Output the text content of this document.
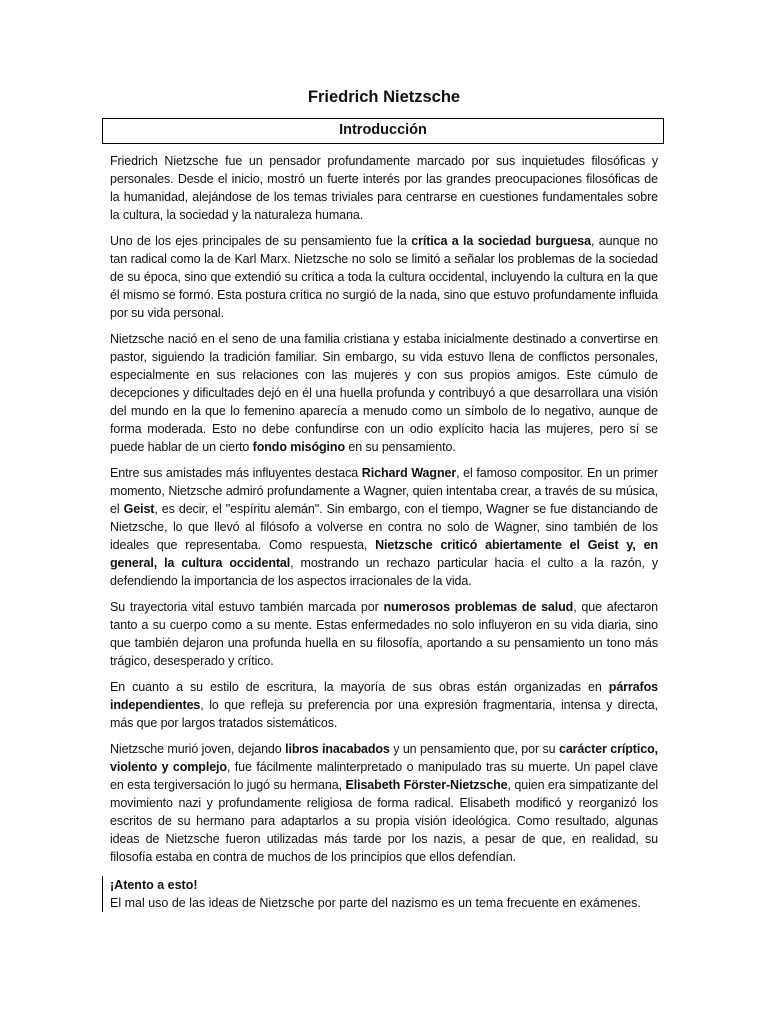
Friedrich Nietzsche
Introducción

Friedrich Nietzsche fue un pensador profundamente marcado por sus inquietudes filosóficas y personales. Desde el inicio, mostró un fuerte interés por las grandes preocupaciones filosóficas de la humanidad, alejándose de los temas triviales para centrarse en cuestiones fundamentales sobre la cultura, la sociedad y la naturaleza humana.

Uno de los ejes principales de su pensamiento fue la crítica a la sociedad burguesa, aunque no tan radical como la de Karl Marx. Nietzsche no solo se limitó a señalar los problemas de la sociedad de su época, sino que extendió su crítica a toda la cultura occidental, incluyendo la cultura en la que él mismo se formó. Esta postura crítica no surgió de la nada, sino que estuvo profundamente influida por su vida personal.

Nietzsche nació en el seno de una familia cristiana y estaba inicialmente destinado a convertirse en pastor, siguiendo la tradición familiar. Sin embargo, su vida estuvo llena de conflictos personales, especialmente en sus relaciones con las mujeres y con sus propios amigos. Este cúmulo de decepciones y dificultades dejó en él una huella profunda y contribuyó a que desarrollara una visión del mundo en la que lo femenino aparecía a menudo como un símbolo de lo negativo, aunque de forma moderada. Esto no debe confundirse con un odio explícito hacia las mujeres, pero sí se puede hablar de un cierto fondo misógino en su pensamiento.

Entre sus amistades más influyentes destaca Richard Wagner, el famoso compositor. En un primer momento, Nietzsche admiró profundamente a Wagner, quien intentaba crear, a través de su música, el Geist, es decir, el "espíritu alemán". Sin embargo, con el tiempo, Wagner se fue distanciando de Nietzsche, lo que llevó al filósofo a volverse en contra no solo de Wagner, sino también de los ideales que representaba. Como respuesta, Nietzsche criticó abiertamente el Geist y, en general, la cultura occidental, mostrando un rechazo particular hacia el culto a la razón, y defendiendo la importancia de los aspectos irracionales de la vida.

Su trayectoria vital estuvo también marcada por numerosos problemas de salud, que afectaron tanto a su cuerpo como a su mente. Estas enfermedades no solo influyeron en su vida diaria, sino que también dejaron una profunda huella en su filosofía, aportando a su pensamiento un tono más trágico, desesperado y crítico.

En cuanto a su estilo de escritura, la mayoría de sus obras están organizadas en párrafos independientes, lo que refleja su preferencia por una expresión fragmentaria, intensa y directa, más que por largos tratados sistemáticos.

Nietzsche murió joven, dejando libros inacabados y un pensamiento que, por su carácter críptico, violento y complejo, fue fácilmente malinterpretado o manipulado tras su muerte. Un papel clave en esta tergiversación lo jugó su hermana, Elisabeth Förster-Nietzsche, quien era simpatizante del movimiento nazi y profundamente religiosa de forma radical. Elisabeth modificó y reorganizó los escritos de su hermano para adaptarlos a su propia visión ideológica. Como resultado, algunas ideas de Nietzsche fueron utilizadas más tarde por los nazis, a pesar de que, en realidad, su filosofía estaba en contra de muchos de los principios que ellos defendían.

¡Atento a esto!
El mal uso de las ideas de Nietzsche por parte del nazismo es un tema frecuente en exámenes.
